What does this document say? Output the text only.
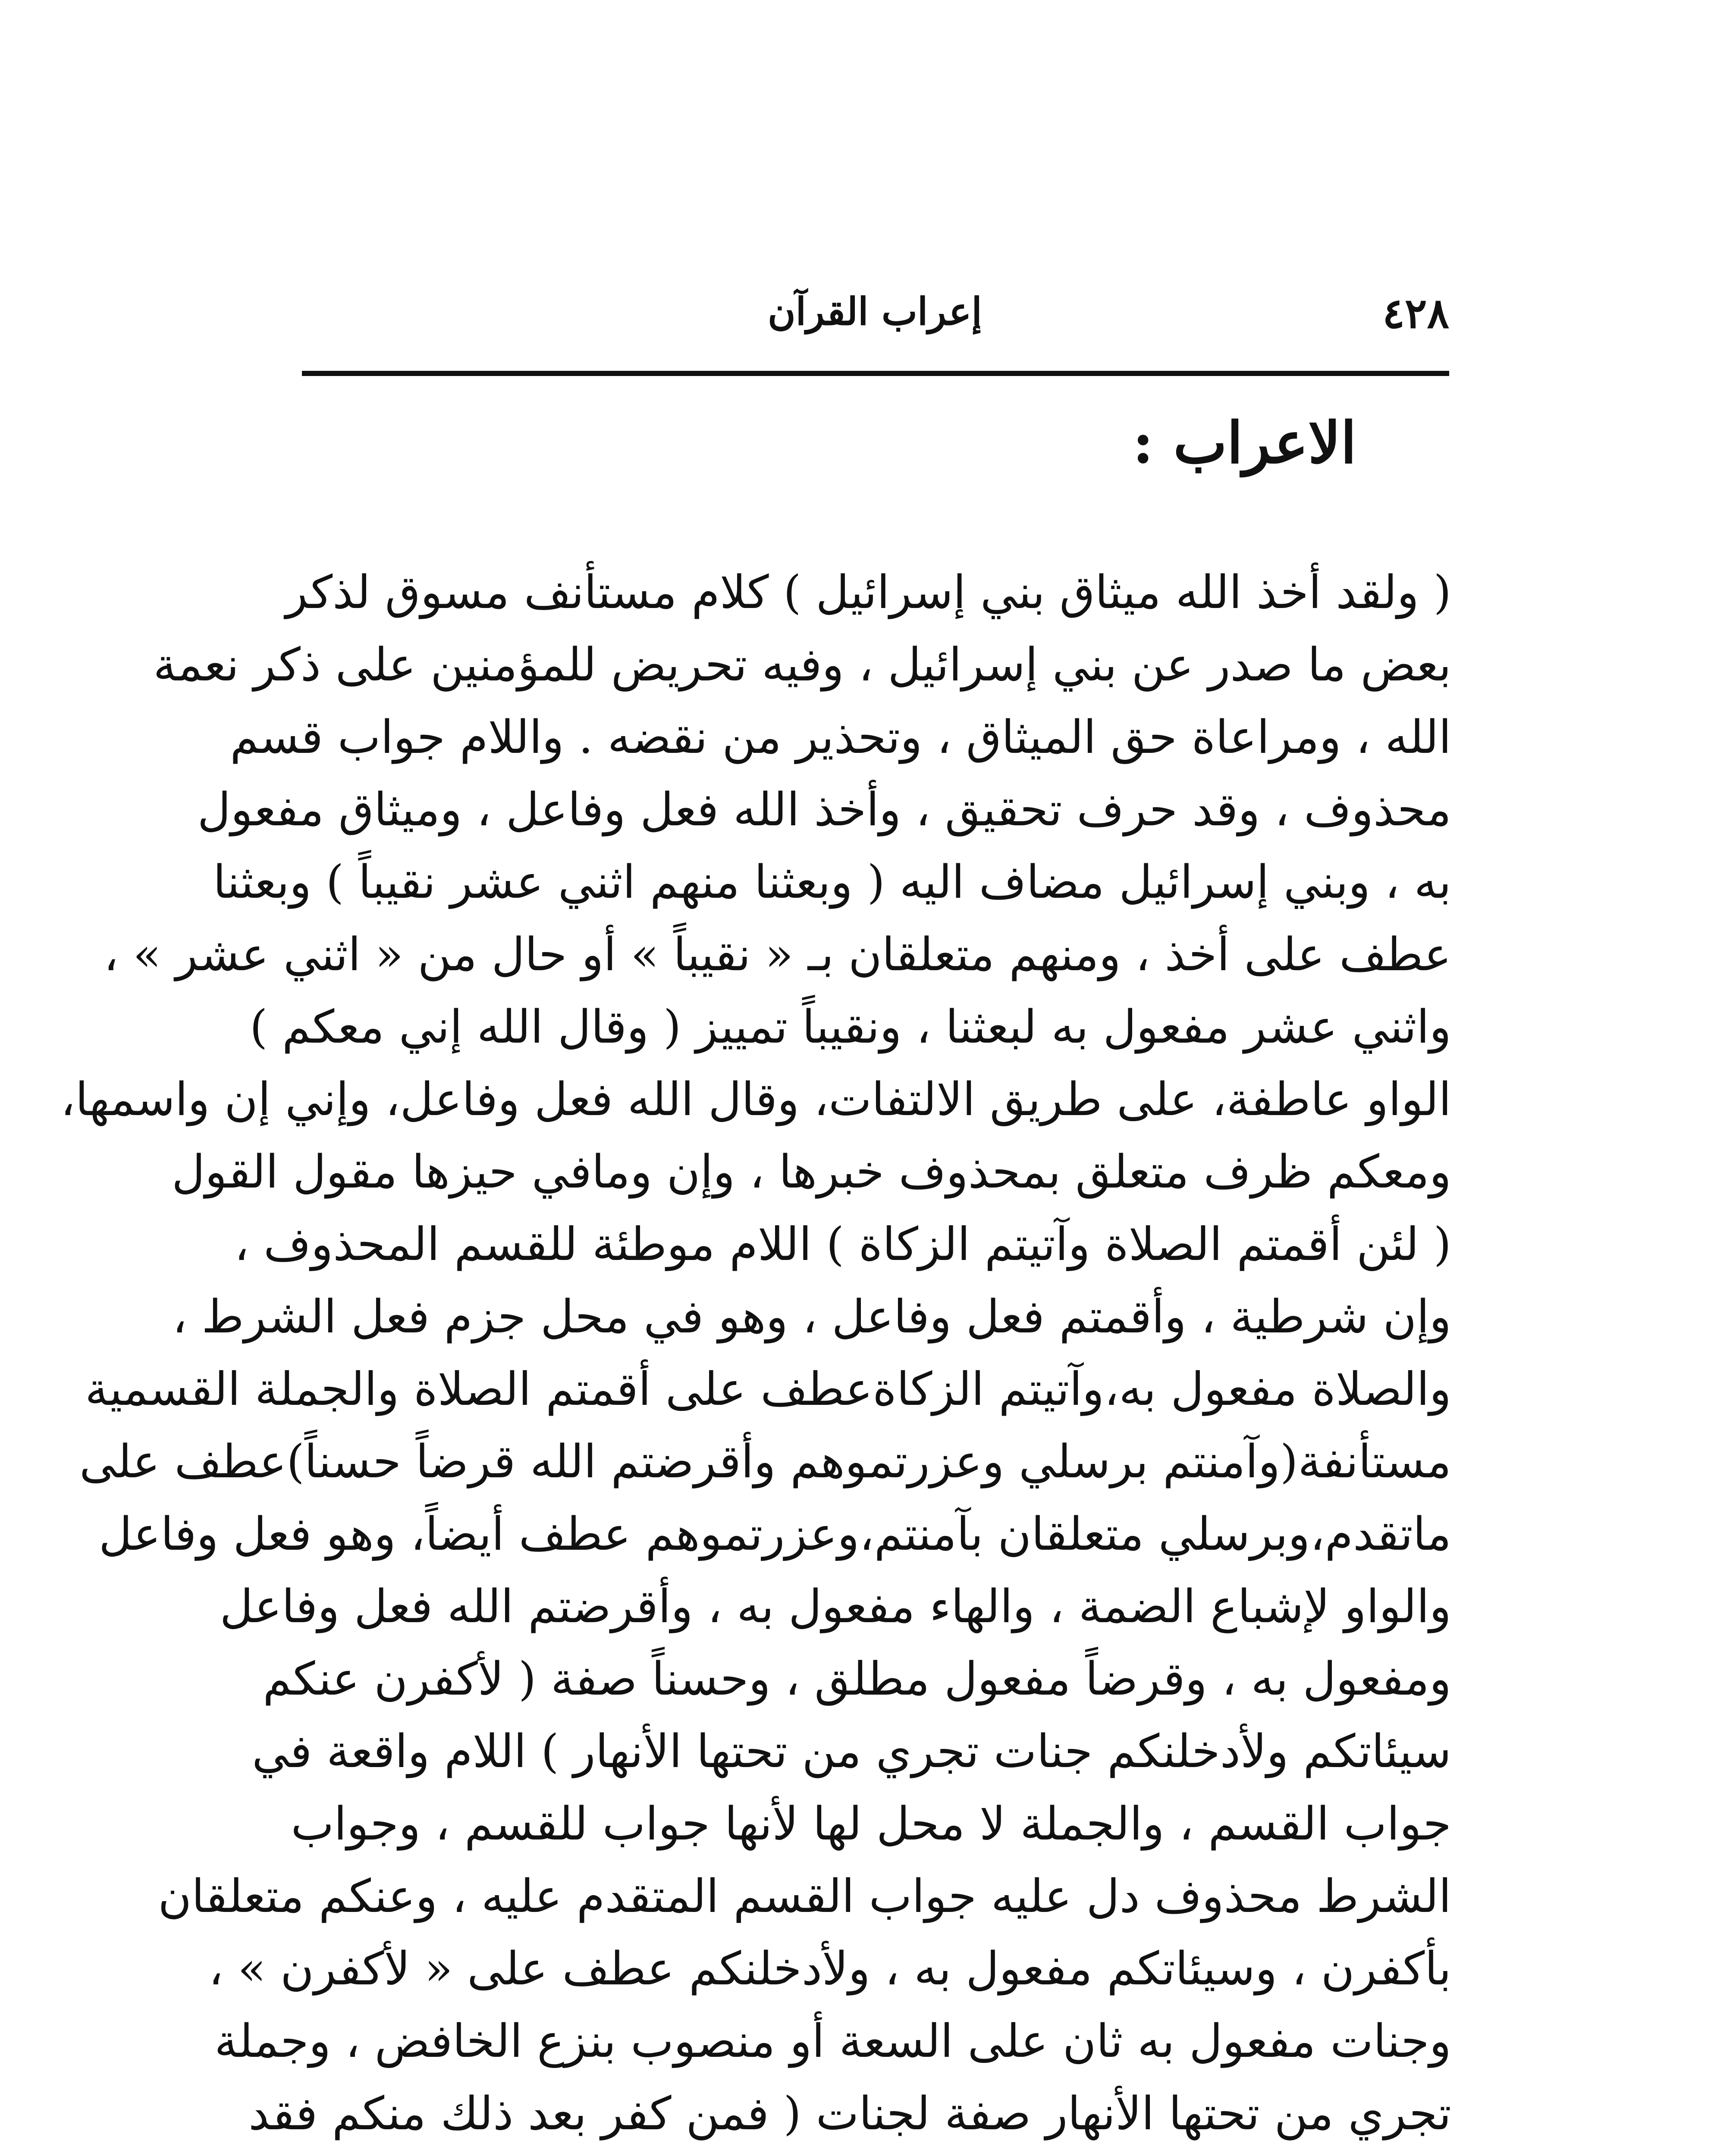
٤٢٨
إعراب القرآن
الاعراب :
( ولقد أخذ الله ميثاق بني إسرائيل ) كلام مستأنف مسوق لذكر
بعض ما صدر عن بني إسرائيل ، وفيه تحريض للمؤمنين على ذكر نعمة
الله ، ومراعاة حق الميثاق ، وتحذير من نقضه . واللام جواب قسم
محذوف ، وقد حرف تحقيق ، وأخذ الله فعل وفاعل ، وميثاق مفعول
به ، وبني إسرائيل مضاف اليه ( وبعثنا منهم اثني عشر نقيباً ) وبعثنا
عطف على أخذ ، ومنهم متعلقان بـ « نقيباً » أو حال من « اثني عشر » ،
واثني عشر مفعول به لبعثنا ، ونقيباً تمييز ( وقال الله إني معكم )
الواو عاطفة، على طريق الالتفات، وقال الله فعل وفاعل، وإني إن واسمها،
ومعكم ظرف متعلق بمحذوف خبرها ، وإن ومافي حيزها مقول القول
( لئن أقمتم الصلاة وآتيتم الزكاة ) اللام موطئة للقسم المحذوف ،
وإن شرطية ، وأقمتم فعل وفاعل ، وهو في محل جزم فعل الشرط ،
والصلاة مفعول به،وآتيتم الزكاةعطف على أقمتم الصلاة والجملة القسمية
مستأنفة(وآمنتم برسلي وعزرتموهم وأقرضتم الله قرضاً حسناً)عطف على
ماتقدم،وبرسلي متعلقان بآمنتم،وعزرتموهم عطف أيضاً، وهو فعل وفاعل
والواو لإشباع الضمة ، والهاء مفعول به ، وأقرضتم الله فعل وفاعل
ومفعول به ، وقرضاً مفعول مطلق ، وحسناً صفة ( لأكفرن عنكم
سيئاتكم ولأدخلنكم جنات تجري من تحتها الأنهار ) اللام واقعة في
جواب القسم ، والجملة لا محل لها لأنها جواب للقسم ، وجواب
الشرط محذوف دل عليه جواب القسم المتقدم عليه ، وعنكم متعلقان
بأكفرن ، وسيئاتكم مفعول به ، ولأدخلنكم عطف على « لأكفرن » ،
وجنات مفعول به ثان على السعة أو منصوب بنزع الخافض ، وجملة
تجري من تحتها الأنهار صفة لجنات ( فمن كفر بعد ذلك منكم فقد
